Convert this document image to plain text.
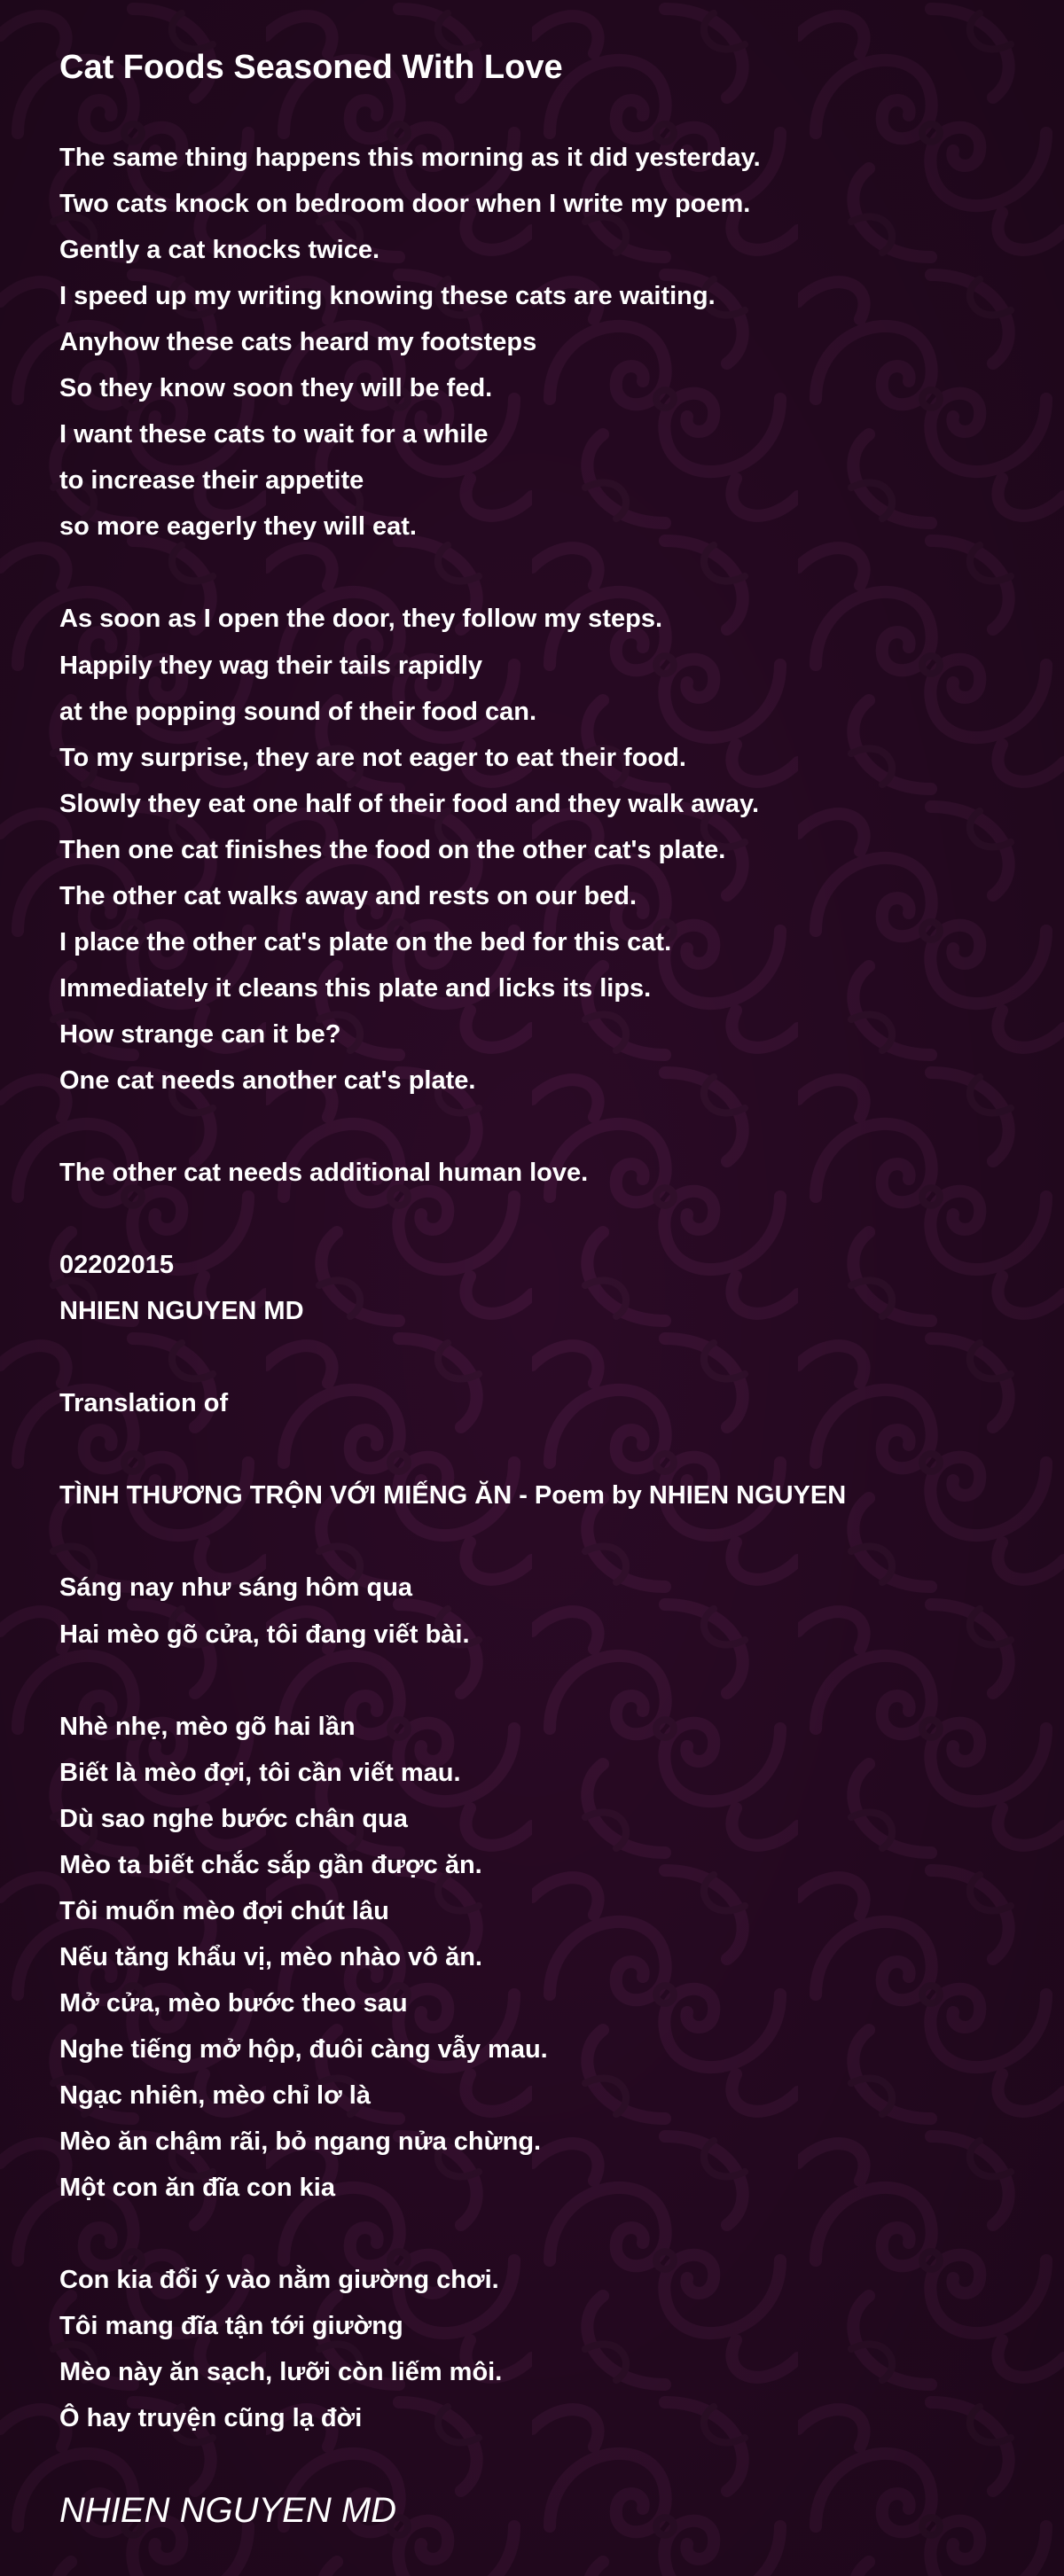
Cat Foods Seasoned With Love

The same thing happens this morning as it did yesterday.

Two cats knock on bedroom door when I write my poem.

Gently a cat knocks twice.

I speed up my writing knowing these cats are waiting.

Anyhow these cats heard my footsteps

So they know soon they will be fed.

I want these cats to wait for a while

to increase their appetite

so more eagerly they will eat.

As soon as I open the door, they follow my steps.

Happily they wag their tails rapidly

at the popping sound of their food can.

To my surprise, they are not eager to eat their food.

Slowly they eat one half of their food and they walk away.

Then one cat finishes the food on the other cat's plate.

The other cat walks away and rests on our bed.

I place the other cat's plate on the bed for this cat.

Immediately it cleans this plate and licks its lips.

How strange can it be?

One cat needs another cat's plate.

The other cat needs additional human love.

02202015

NHIEN NGUYEN MD

Translation of

TÌNH THƯƠNG TRỘN VỚI MIẾNG ĂN - Poem by NHIEN NGUYEN

Sáng nay như sáng hôm qua

Hai mèo gõ cửa, tôi đang viết bài.

Nhè nhẹ, mèo gõ hai lần

Biết là mèo đợi, tôi cần viết mau.

Dù sao nghe bước chân qua

Mèo ta biết chắc sắp gần được ăn.

Tôi muốn mèo đợi chút lâu

Nếu tăng khẩu vị, mèo nhào vô ăn.

Mở cửa, mèo bước theo sau

Nghe tiếng mở hộp, đuôi càng vẫy mau.

Ngạc nhiên, mèo chỉ lơ là

Mèo ăn chậm rãi, bỏ ngang nửa chừng.

Một con ăn đĩa con kia

Con kia đổi ý vào nằm giường chơi.

Tôi mang đĩa tận tới giường

Mèo này ăn sạch, lưỡi còn liếm môi.

Ô hay truyện cũng lạ đời

NHIEN NGUYEN MD
